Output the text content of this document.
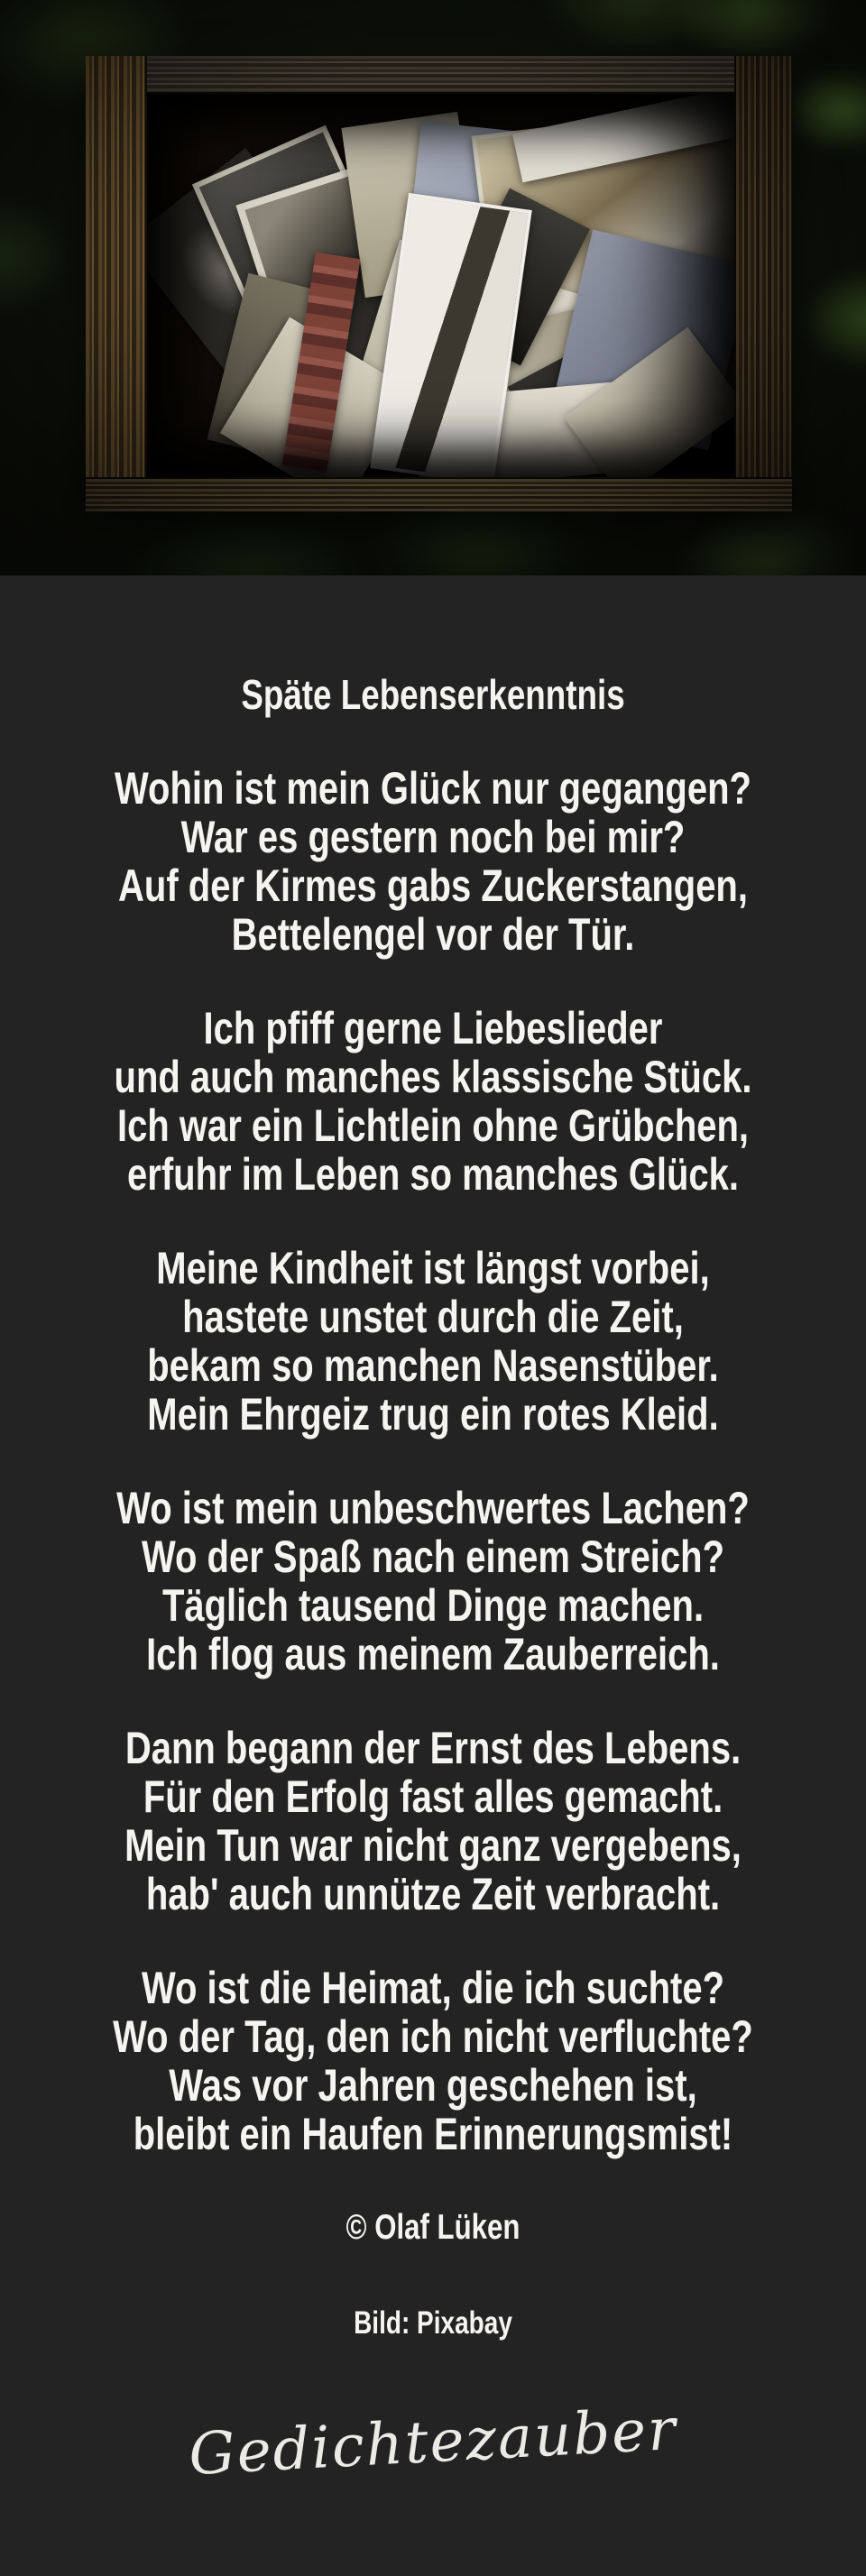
Späte Lebenserkenntnis

Wohin ist mein Glück nur gegangen?
War es gestern noch bei mir?
Auf der Kirmes gabs Zuckerstangen,
Bettelengel vor der Tür.

Ich pfiff gerne Liebeslieder
und auch manches klassische Stück.
Ich war ein Lichtlein ohne Grübchen,
erfuhr im Leben so manches Glück.

Meine Kindheit ist längst vorbei,
hastete unstet durch die Zeit,
bekam so manchen Nasenstüber.
Mein Ehrgeiz trug ein rotes Kleid.

Wo ist mein unbeschwertes Lachen?
Wo der Spaß nach einem Streich?
Täglich tausend Dinge machen.
Ich flog aus meinem Zauberreich.

Dann begann der Ernst des Lebens.
Für den Erfolg fast alles gemacht.
Mein Tun war nicht ganz vergebens,
hab' auch unnütze Zeit verbracht.

Wo ist die Heimat, die ich suchte?
Wo der Tag, den ich nicht verfluchte?
Was vor Jahren geschehen ist,
bleibt ein Haufen Erinnerungsmist!

© Olaf Lüken
Bild: Pixabay
Gedichtezauber
